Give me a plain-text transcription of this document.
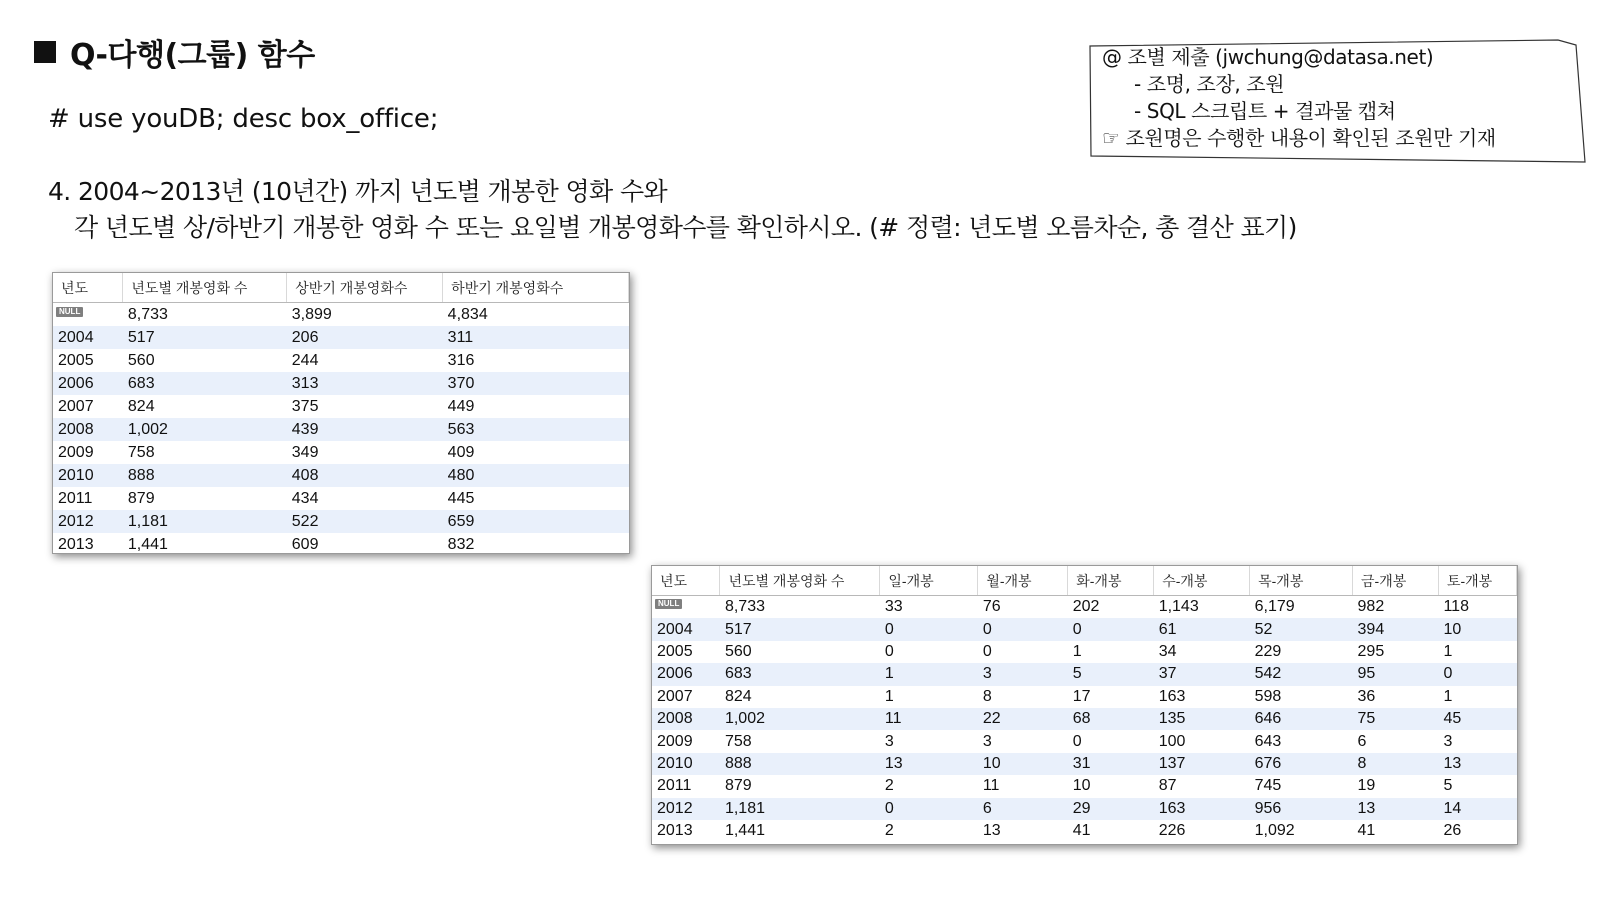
Q-다행(그룹) 함수
# use youDB; desc box_office;
4. 2004~2013년 (10년간) 까지 년도별 개봉한 영화 수와
각 년도별 상/하반기 개봉한 영화 수 또는 요일별 개봉영화수를 확인하시오. (# 정렬: 년도별 오름차순, 총 결산 표기)
@ 조별 제출 (jwchung@datasa.net)
- 조명, 조장, 조원
- SQL 스크립트 + 결과물 캡쳐
☞ 조원명은 수행한 내용이 확인된 조원만 기재
년도	년도별 개봉영화 수	상반기 개봉영화수	하반기 개봉영화수
NULL	8,733	3,899	4,834
2004	517	206	311
2005	560	244	316
2006	683	313	370
2007	824	375	449
2008	1,002	439	563
2009	758	349	409
2010	888	408	480
2011	879	434	445
2012	1,181	522	659
2013	1,441	609	832
년도	년도별 개봉영화 수	일-개봉	월-개봉	화-개봉	수-개봉	목-개봉	금-개봉	토-개봉
NULL	8,733	33	76	202	1,143	6,179	982	118
2004	517	0	0	0	61	52	394	10
2005	560	0	0	1	34	229	295	1
2006	683	1	3	5	37	542	95	0
2007	824	1	8	17	163	598	36	1
2008	1,002	11	22	68	135	646	75	45
2009	758	3	3	0	100	643	6	3
2010	888	13	10	31	137	676	8	13
2011	879	2	11	10	87	745	19	5
2012	1,181	0	6	29	163	956	13	14
2013	1,441	2	13	41	226	1,092	41	26
